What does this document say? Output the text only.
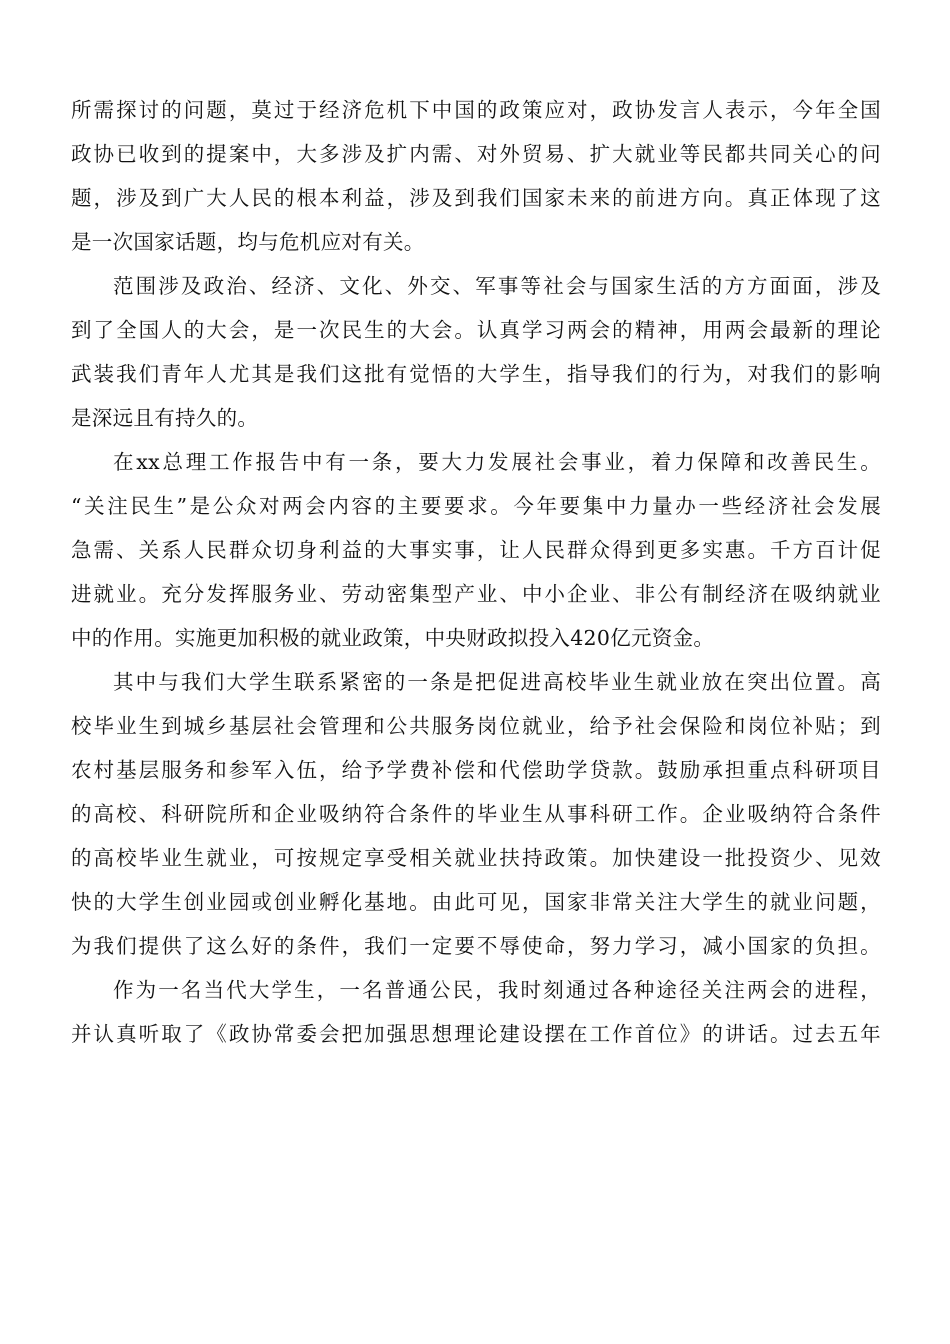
所需探讨的问题，莫过于经济危机下中国的政策应对，政协发言人表示，今年全国
政协已收到的提案中，大多涉及扩内需、对外贸易、扩大就业等民都共同关心的问
题，涉及到广大人民的根本利益，涉及到我们国家未来的前进方向。真正体现了这
是一次国家话题，均与危机应对有关。

范围涉及政治、经济、文化、外交、军事等社会与国家生活的方方面面，涉及
到了全国人的大会，是一次民生的大会。认真学习两会的精神，用两会最新的理论
武装我们青年人尤其是我们这批有觉悟的大学生，指导我们的行为，对我们的影响
是深远且有持久的。

在xx总理工作报告中有一条，要大力发展社会事业，着力保障和改善民生。
“关注民生”是公众对两会内容的主要要求。今年要集中力量办一些经济社会发展
急需、关系人民群众切身利益的大事实事，让人民群众得到更多实惠。千方百计促
进就业。充分发挥服务业、劳动密集型产业、中小企业、非公有制经济在吸纳就业
中的作用。实施更加积极的就业政策，中央财政拟投入420亿元资金。

其中与我们大学生联系紧密的一条是把促进高校毕业生就业放在突出位置。高
校毕业生到城乡基层社会管理和公共服务岗位就业，给予社会保险和岗位补贴；到
农村基层服务和参军入伍，给予学费补偿和代偿助学贷款。鼓励承担重点科研项目
的高校、科研院所和企业吸纳符合条件的毕业生从事科研工作。企业吸纳符合条件
的高校毕业生就业，可按规定享受相关就业扶持政策。加快建设一批投资少、见效
快的大学生创业园或创业孵化基地。由此可见，国家非常关注大学生的就业问题，
为我们提供了这么好的条件，我们一定要不辱使命，努力学习，减小国家的负担。

作为一名当代大学生，一名普通公民，我时刻通过各种途径关注两会的进程，
并认真听取了《政协常委会把加强思想理论建设摆在工作首位》的讲话。过去五年
